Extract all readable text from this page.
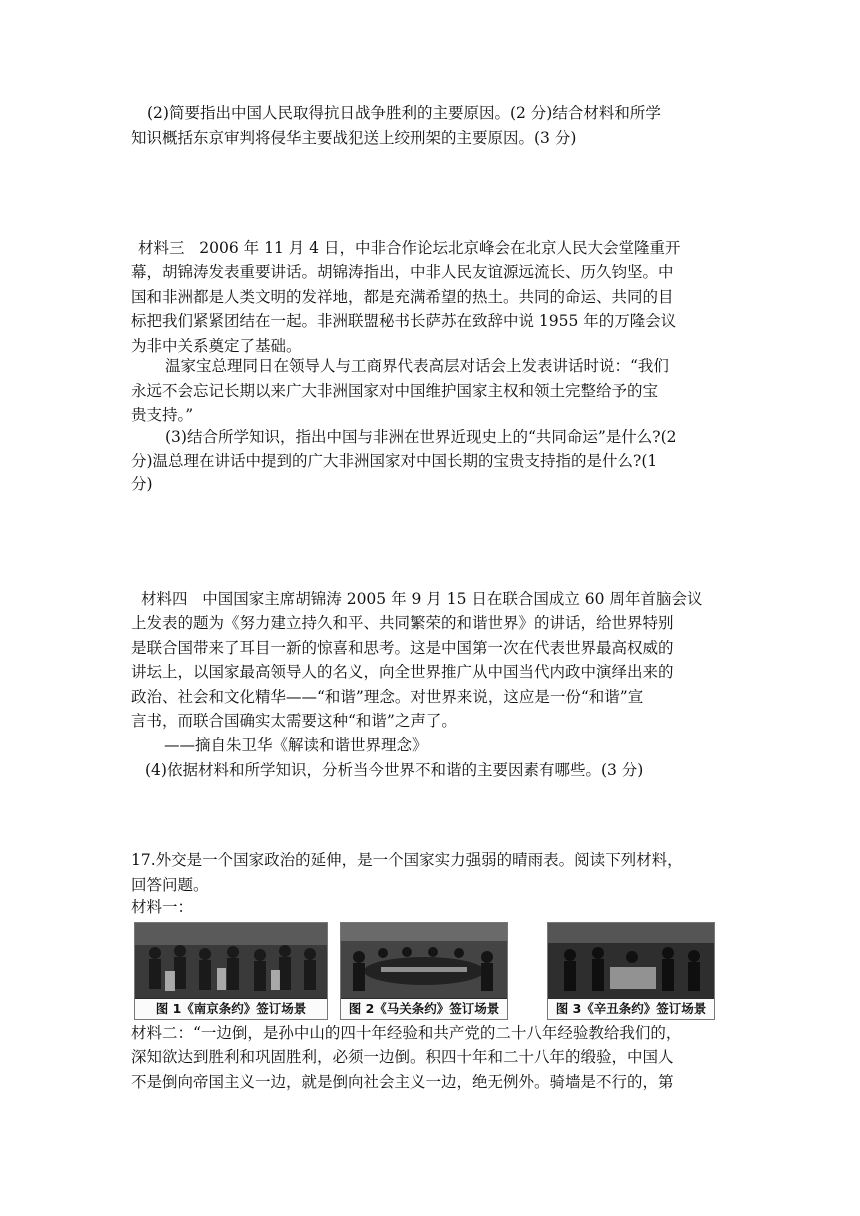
(2)简要指出中国人民取得抗日战争胜利的主要原因。(2 分)结合材料和所学
知识概括东京审判将侵华主要战犯送上绞刑架的主要原因。(3 分)
材料三   2006 年 11 月 4 日，中非合作论坛北京峰会在北京人民大会堂隆重开
幕，胡锦涛发表重要讲话。胡锦涛指出，中非人民友谊源远流长、历久钧坚。中
国和非洲都是人类文明的发祥地，都是充满希望的热土。共同的命运、共同的目
标把我们紧紧团结在一起。非洲联盟秘书长萨苏在致辞中说 1955 年的万隆会议
为非中关系奠定了基础。
温家宝总理同日在领导人与工商界代表高层对话会上发表讲话时说：“我们
永远不会忘记长期以来广大非洲国家对中国维护国家主权和领土完整给予的宝
贵支持。”
(3)结合所学知识，指出中国与非洲在世界近现史上的“共同命运”是什么?(2
分)温总理在讲话中提到的广大非洲国家对中国长期的宝贵支持指的是什么?(1
分)
材料四   中国国家主席胡锦涛 2005 年 9 月 15 日在联合国成立 60 周年首脑会议
上发表的题为《努力建立持久和平、共同繁荣的和谐世界》的讲话，给世界特别
是联合国带来了耳目一新的惊喜和思考。这是中国第一次在代表世界最高权威的
讲坛上，以国家最高领导人的名义，向全世界推广从中国当代内政中演绎出来的
政治、社会和文化精华——“和谐”理念。对世界来说，这应是一份“和谐”宣
言书，而联合国确实太需要这种“和谐”之声了。
——摘自朱卫华《解读和谐世界理念》
(4)依据材料和所学知识，分析当今世界不和谐的主要因素有哪些。(3 分)
17.外交是一个国家政治的延伸，是一个国家实力强弱的晴雨表。阅读下列材料，
回答问题。
材料一：
图 1《南京条约》签订场景	图 2《马关条约》签订场景	图 3《辛丑条约》签订场景
材料二：“一边倒，是孙中山的四十年经验和共产党的二十八年经验教给我们的，
深知欲达到胜利和巩固胜利，必须一边倒。积四十年和二十八年的缎验，中国人
不是倒向帝国主义一边，就是倒向社会主义一边，绝无例外。骑墙是不行的，第
